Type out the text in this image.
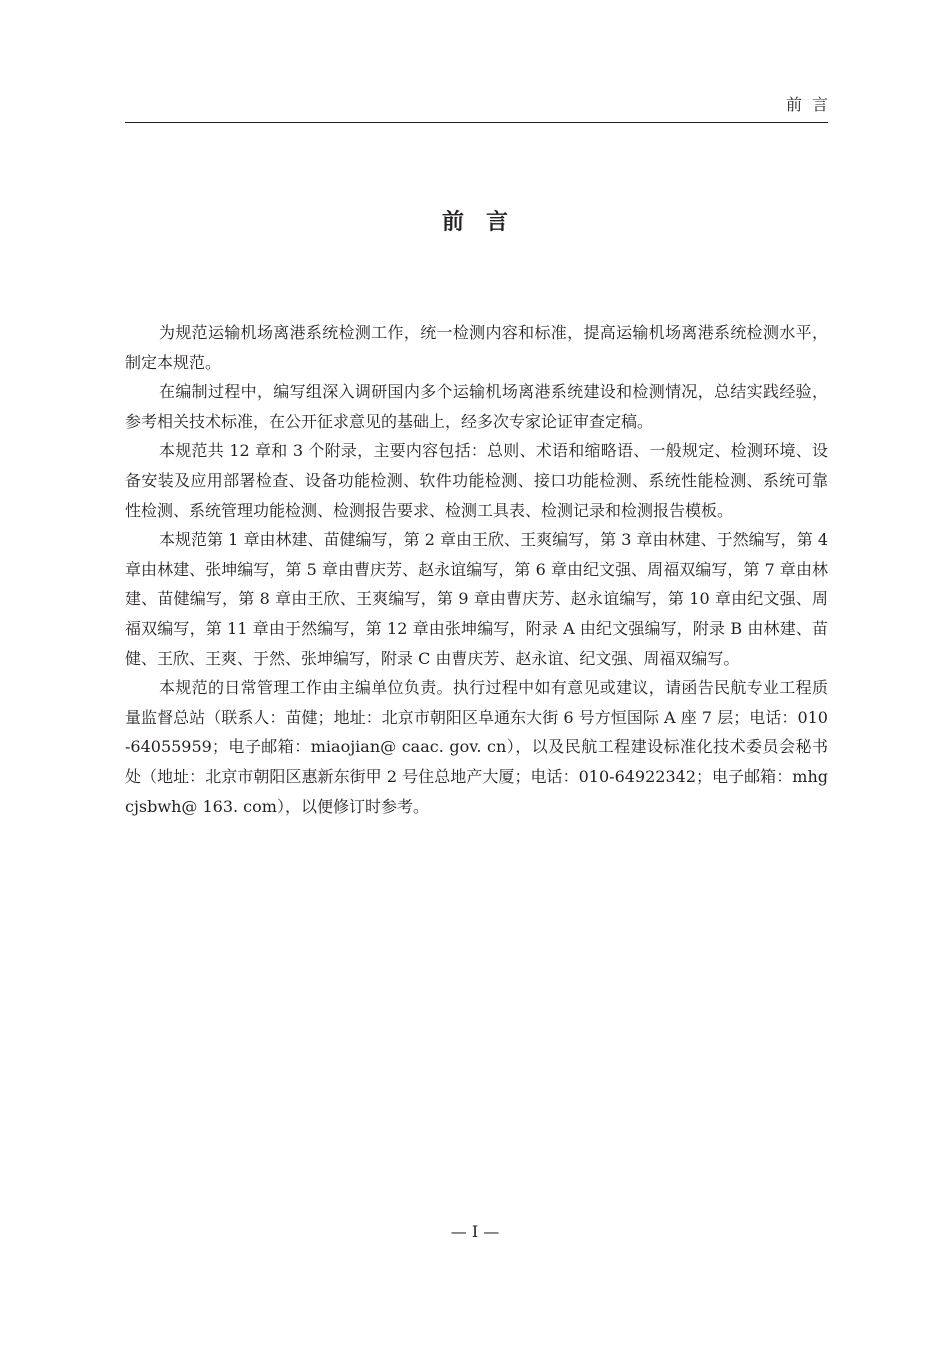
前言
前言

为规范运输机场离港系统检测工作，统一检测内容和标准，提高运输机场离港系统检测水平，制定本规范。

在编制过程中，编写组深入调研国内多个运输机场离港系统建设和检测情况，总结实践经验，参考相关技术标准，在公开征求意见的基础上，经多次专家论证审查定稿。

本规范共 12 章和 3 个附录，主要内容包括：总则、术语和缩略语、一般规定、检测环境、设备安装及应用部署检查、设备功能检测、软件功能检测、接口功能检测、系统性能检测、系统可靠性检测、系统管理功能检测、检测报告要求、检测工具表、检测记录和检测报告模板。

本规范第 1 章由林建、苗健编写，第 2 章由王欣、王爽编写，第 3 章由林建、于然编写，第 4 章由林建、张坤编写，第 5 章由曹庆芳、赵永谊编写，第 6 章由纪文强、周福双编写，第 7 章由林建、苗健编写，第 8 章由王欣、王爽编写，第 9 章由曹庆芳、赵永谊编写，第 10 章由纪文强、周福双编写，第 11 章由于然编写，第 12 章由张坤编写，附录 A 由纪文强编写，附录 B 由林建、苗健、王欣、王爽、于然、张坤编写，附录 C 由曹庆芳、赵永谊、纪文强、周福双编写。

本规范的日常管理工作由主编单位负责。执行过程中如有意见或建议，请函告民航专业工程质量监督总站（联系人：苗健；地址：北京市朝阳区阜通东大街 6 号方恒国际 A 座 7 层；电话：010-64055959；电子邮箱：miaojian@ caac. gov. cn），以及民航工程建设标准化技术委员会秘书处（地址：北京市朝阳区惠新东街甲 2 号住总地产大厦；电话：010-64922342；电子邮箱：mhgcjsbwh@ 163. com），以便修订时参考。

— I —
